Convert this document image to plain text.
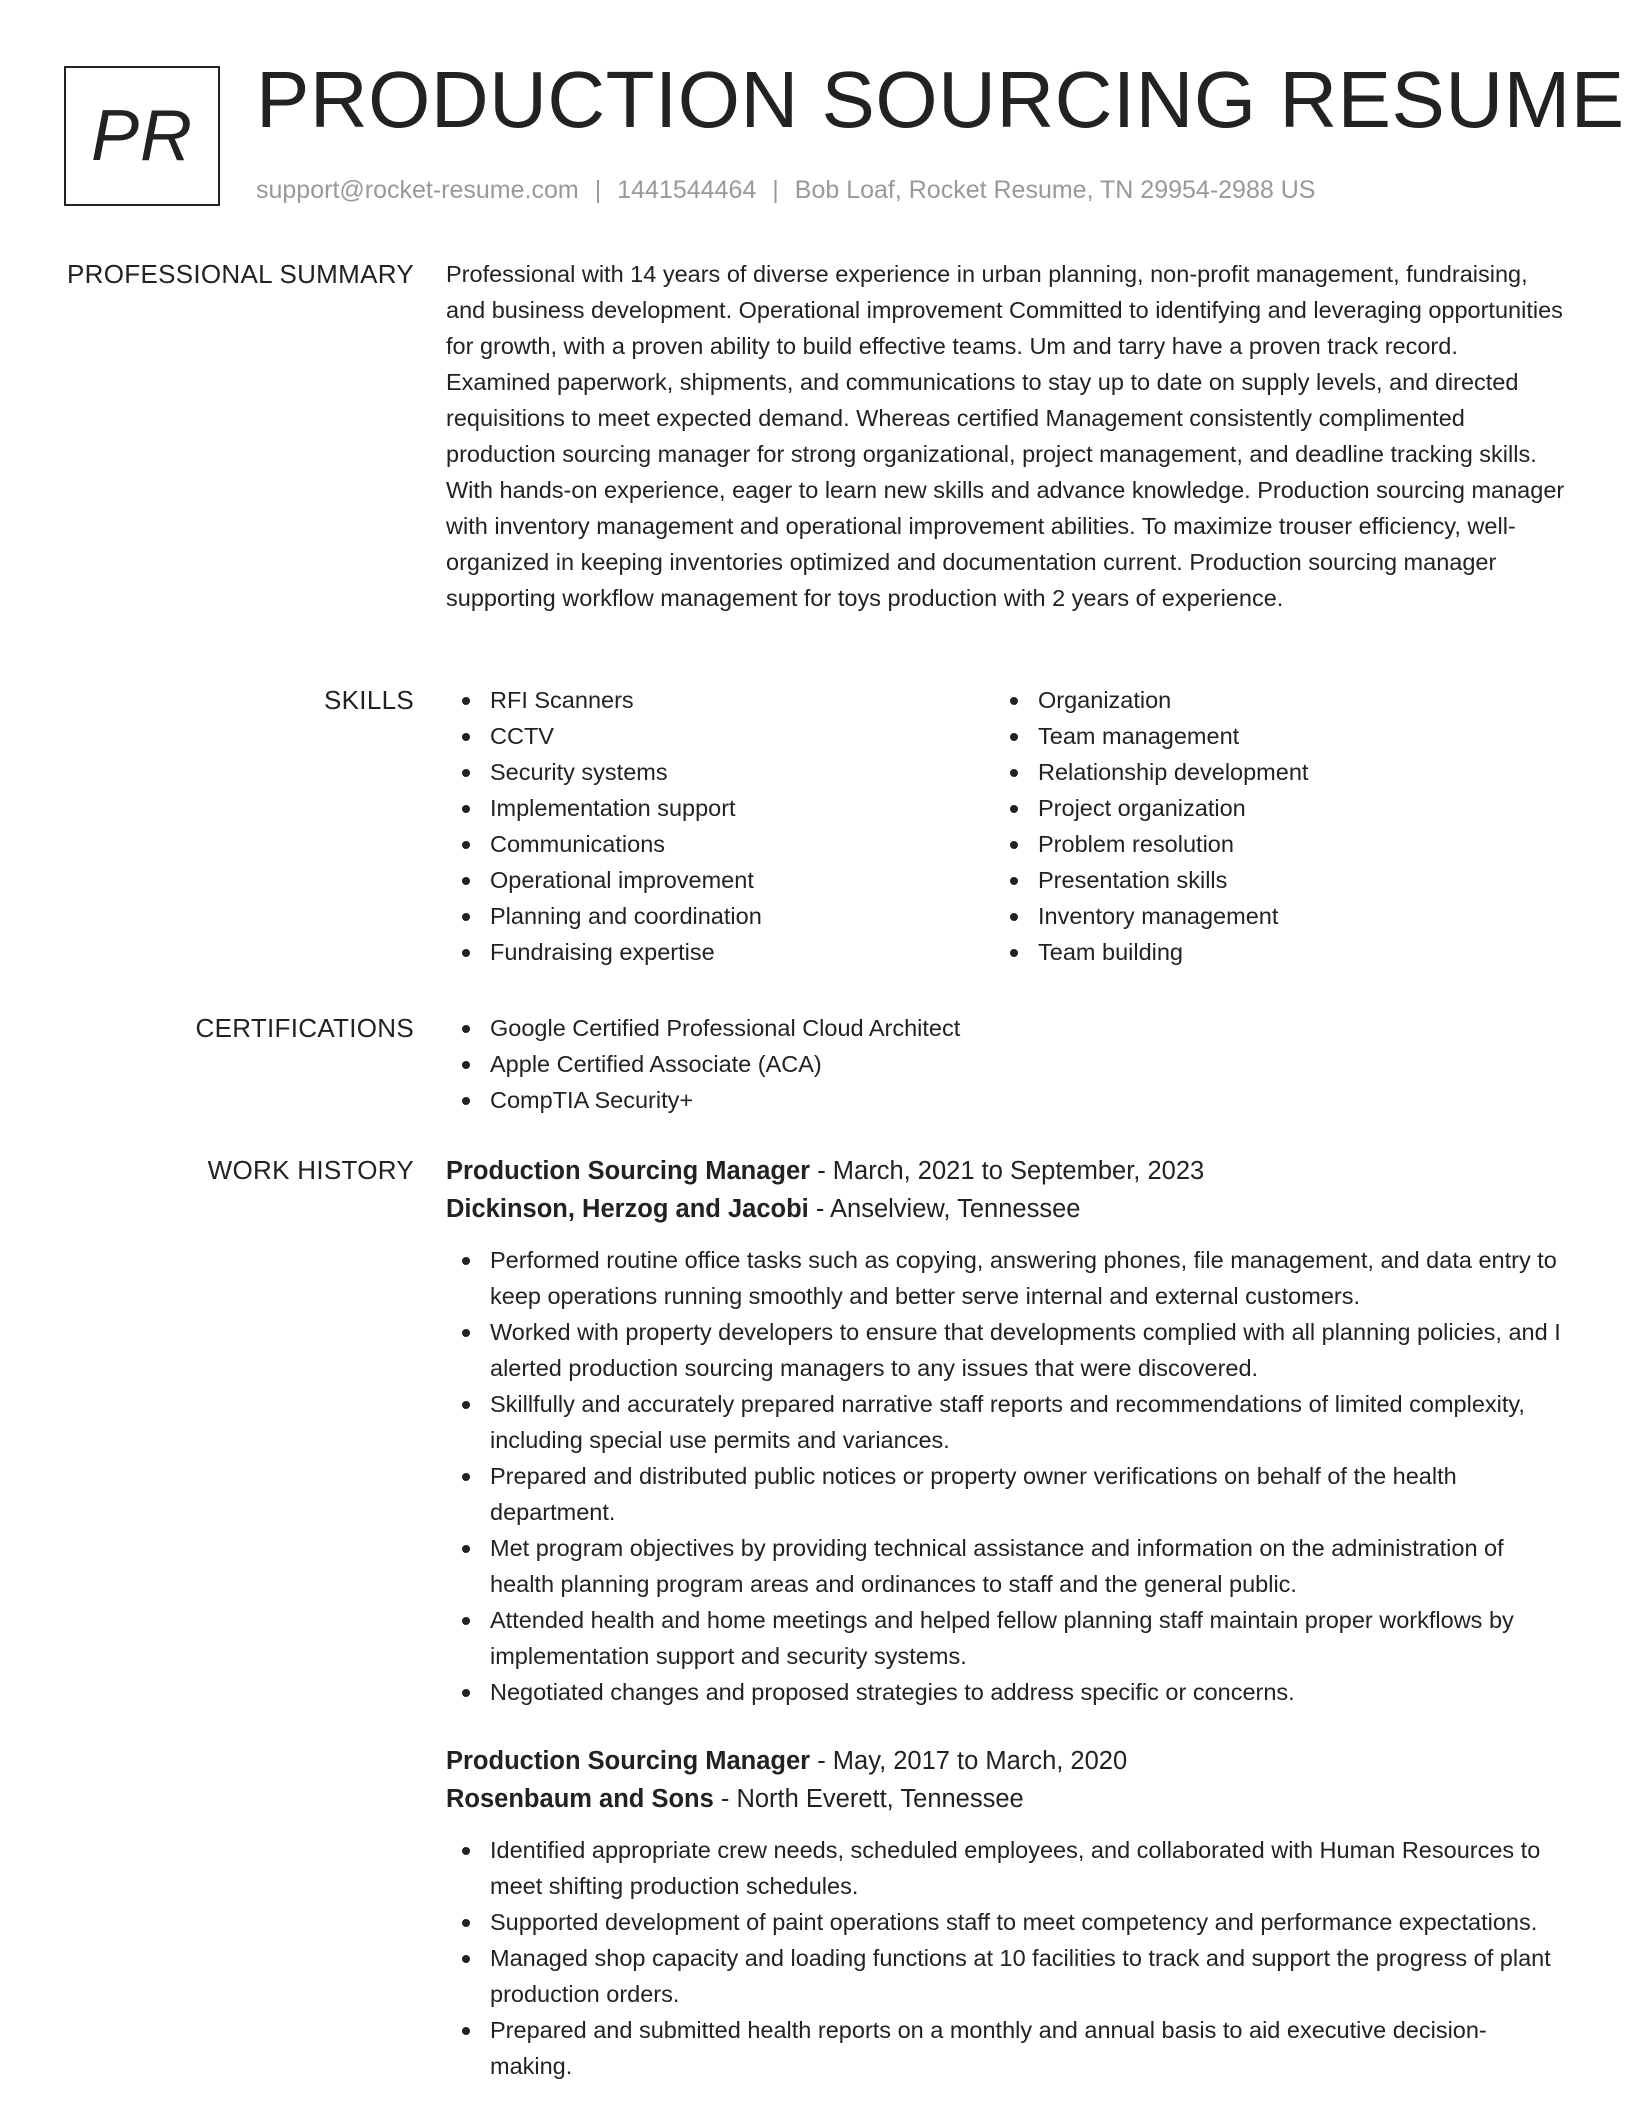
PR PRODUCTION SOURCING RESUME
support@rocket-resume.com | 1441544464 | Bob Loaf, Rocket Resume, TN 29954-2988 US
PROFESSIONAL SUMMARY Professional with 14 years of diverse experience in urban planning, non-profit management, fundraising, and business development. Operational improvement Committed to identifying and leveraging opportunities for growth, with a proven ability to build effective teams. Um and tarry have a proven track record. Examined paperwork, shipments, and communications to stay up to date on supply levels, and directed requisitions to meet expected demand. Whereas certified Management consistently complimented production sourcing manager for strong organizational, project management, and deadline tracking skills. With hands-on experience, eager to learn new skills and advance knowledge. Production sourcing manager with inventory management and operational improvement abilities. To maximize trouser efficiency, well-organized in keeping inventories optimized and documentation current. Production sourcing manager supporting workflow management for toys production with 2 years of experience.
SKILLS	RFI Scanners
CCTV
Security systems
Implementation support
Communications
Operational improvement
Planning and coordination
Fundraising expertise
Organization
Team management
Relationship development
Project organization
Problem resolution
Presentation skills
Inventory management
Team building
CERTIFICATIONS	Google Certified Professional Cloud Architect
Apple Certified Associate (ACA)
CompTIA Security+
WORK HISTORY Production Sourcing Manager - March, 2021 to September, 2023
Dickinson, Herzog and Jacobi - Anselview, Tennessee
Performed routine office tasks such as copying, answering phones, file management, and data entry to keep operations running smoothly and better serve internal and external customers.
Worked with property developers to ensure that developments complied with all planning policies, and I alerted production sourcing managers to any issues that were discovered.
Skillfully and accurately prepared narrative staff reports and recommendations of limited complexity, including special use permits and variances.
Prepared and distributed public notices or property owner verifications on behalf of the health department.
Met program objectives by providing technical assistance and information on the administration of health planning program areas and ordinances to staff and the general public.
Attended health and home meetings and helped fellow planning staff maintain proper workflows by implementation support and security systems.
Negotiated changes and proposed strategies to address specific or concerns.
Production Sourcing Manager - May, 2017 to March, 2020
Rosenbaum and Sons - North Everett, Tennessee
Identified appropriate crew needs, scheduled employees, and collaborated with Human Resources to meet shifting production schedules.
Supported development of paint operations staff to meet competency and performance expectations.
Managed shop capacity and loading functions at 10 facilities to track and support the progress of plant production orders.
Prepared and submitted health reports on a monthly and annual basis to aid executive decision-making.
